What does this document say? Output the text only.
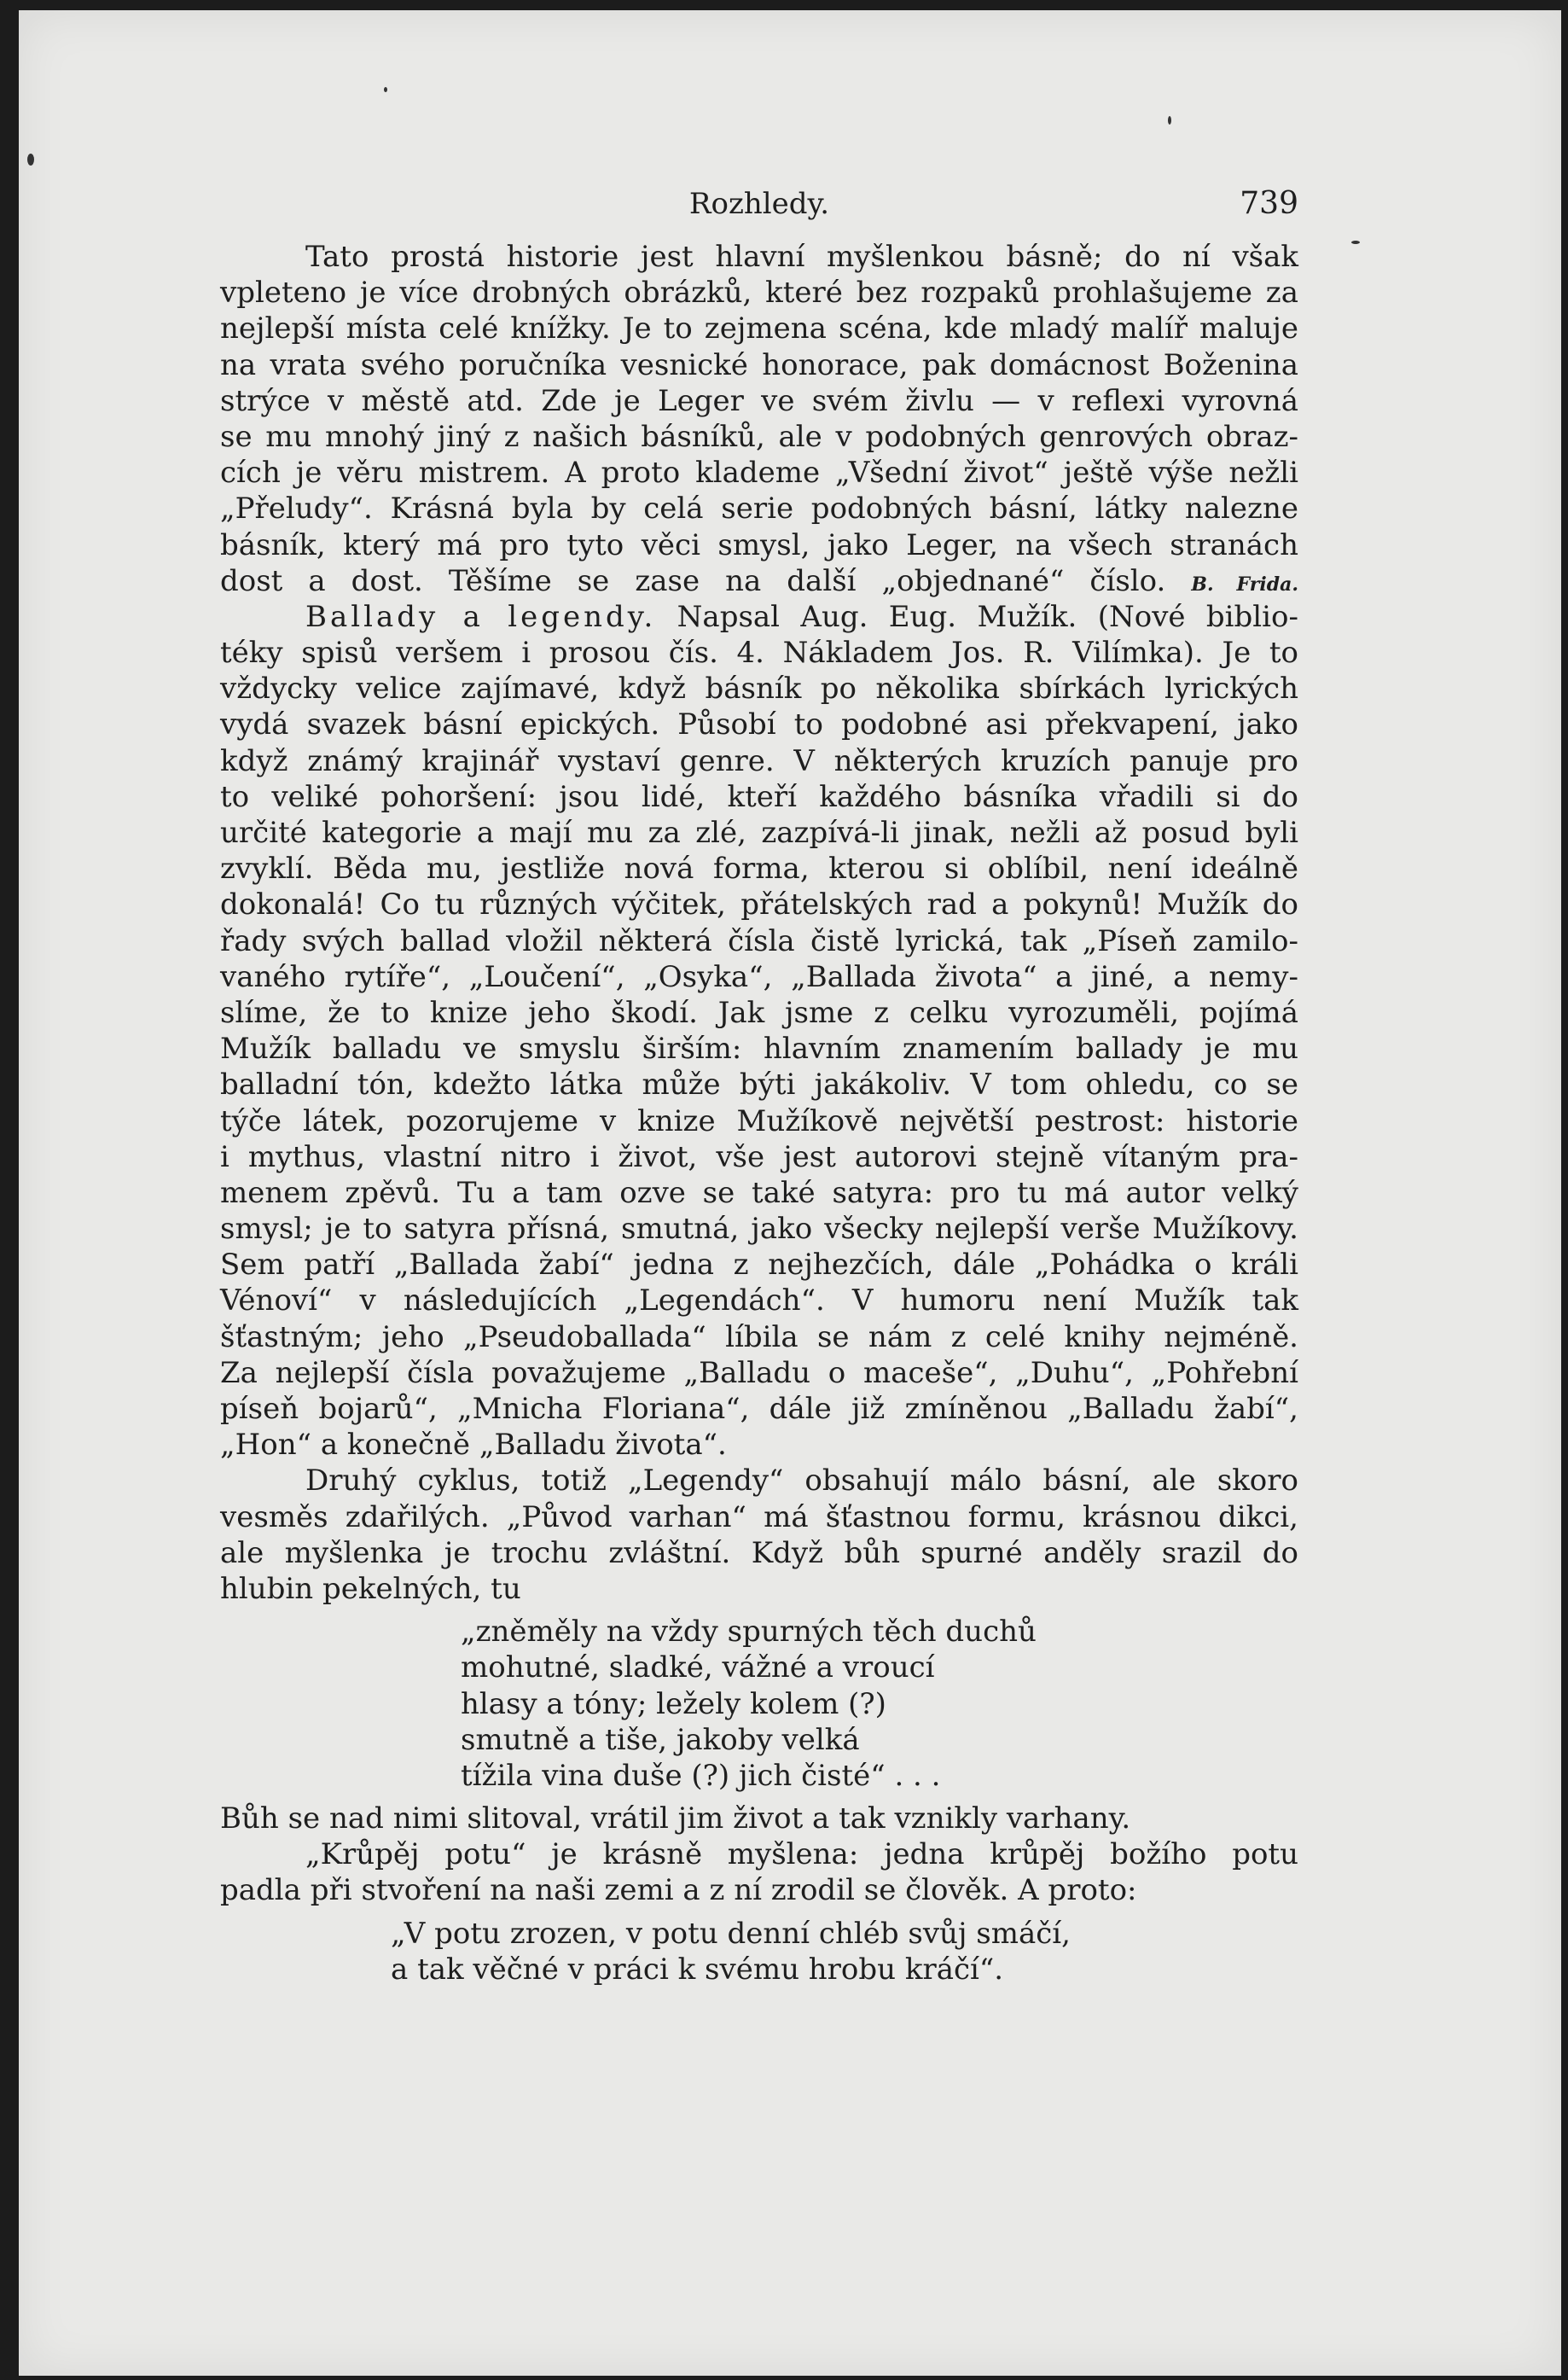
Rozhledy.	739
Tato prostá historie jest hlavní myšlenkou básně; do ní však
vpleteno je více drobných obrázků, které bez rozpaků prohlašujeme za
nejlepší místa celé knížky. Je to zejmena scéna, kde mladý malíř maluje
na vrata svého poručníka vesnické honorace, pak domácnost Boženina
strýce v městě atd. Zde je Leger ve svém živlu — v reflexi vyrovná
se mu mnohý jiný z našich básníků, ale v podobných genrových obraz-
cích je věru mistrem. A proto klademe „Všední život“ ještě výše nežli
„Přeludy“. Krásná byla by celá serie podobných básní, látky nalezne
básník, který má pro tyto věci smysl, jako Leger, na všech stranách
dost a dost. Těšíme se zase na další „objednané“ číslo. B. Frida.
Ballady a legendy. Napsal Aug. Eug. Mužík. (Nové biblio-
téky spisů veršem i prosou čís. 4. Nákladem Jos. R. Vilímka). Je to
vždycky velice zajímavé, když básník po několika sbírkách lyrických
vydá svazek básní epických. Působí to podobné asi překvapení, jako
když známý krajinář vystaví genre. V některých kruzích panuje pro
to veliké pohoršení: jsou lidé, kteří každého básníka vřadili si do
určité kategorie a mají mu za zlé, zazpívá-li jinak, nežli až posud byli
zvyklí. Běda mu, jestliže nová forma, kterou si oblíbil, není ideálně
dokonalá! Co tu různých výčitek, přátelských rad a pokynů! Mužík do
řady svých ballad vložil některá čísla čistě lyrická, tak „Píseň zamilo-
vaného rytíře“, „Loučení“, „Osyka“, „Ballada života“ a jiné, a nemy-
slíme, že to knize jeho škodí. Jak jsme z celku vyrozuměli, pojímá
Mužík balladu ve smyslu širším: hlavním znamením ballady je mu
balladní tón, kdežto látka může býti jakákoliv. V tom ohledu, co se
týče látek, pozorujeme v knize Mužíkově největší pestrost: historie
i mythus, vlastní nitro i život, vše jest autorovi stejně vítaným pra-
menem zpěvů. Tu a tam ozve se také satyra: pro tu má autor velký
smysl; je to satyra přísná, smutná, jako všecky nejlepší verše Mužíkovy.
Sem patří „Ballada žabí“ jedna z nejhezčích, dále „Pohádka o králi
Vénoví“ v následujících „Legendách“. V humoru není Mužík tak
šťastným; jeho „Pseudoballada“ líbila se nám z celé knihy nejméně.
Za nejlepší čísla považujeme „Balladu o maceše“, „Duhu“, „Pohřební
píseň bojarů“, „Mnicha Floriana“, dále již zmíněnou „Balladu žabí“,
„Hon“ a konečně „Balladu života“.
Druhý cyklus, totiž „Legendy“ obsahují málo básní, ale skoro
vesměs zdařilých. „Původ varhan“ má šťastnou formu, krásnou dikci,
ale myšlenka je trochu zvláštní. Když bůh spurné anděly srazil do
hlubin pekelných, tu
„zněměly na vždy spurných těch duchů
mohutné, sladké, vážné a vroucí
hlasy a tóny; ležely kolem (?)
smutně a tiše, jakoby velká
tížila vina duše (?) jich čisté“ . . .
Bůh se nad nimi slitoval, vrátil jim život a tak vznikly varhany.
„Krůpěj potu“ je krásně myšlena: jedna krůpěj božího potu
padla při stvoření na naši zemi a z ní zrodil se člověk. A proto:
„V potu zrozen, v potu denní chléb svůj smáčí,
a tak věčné v práci k svému hrobu kráčí“.
